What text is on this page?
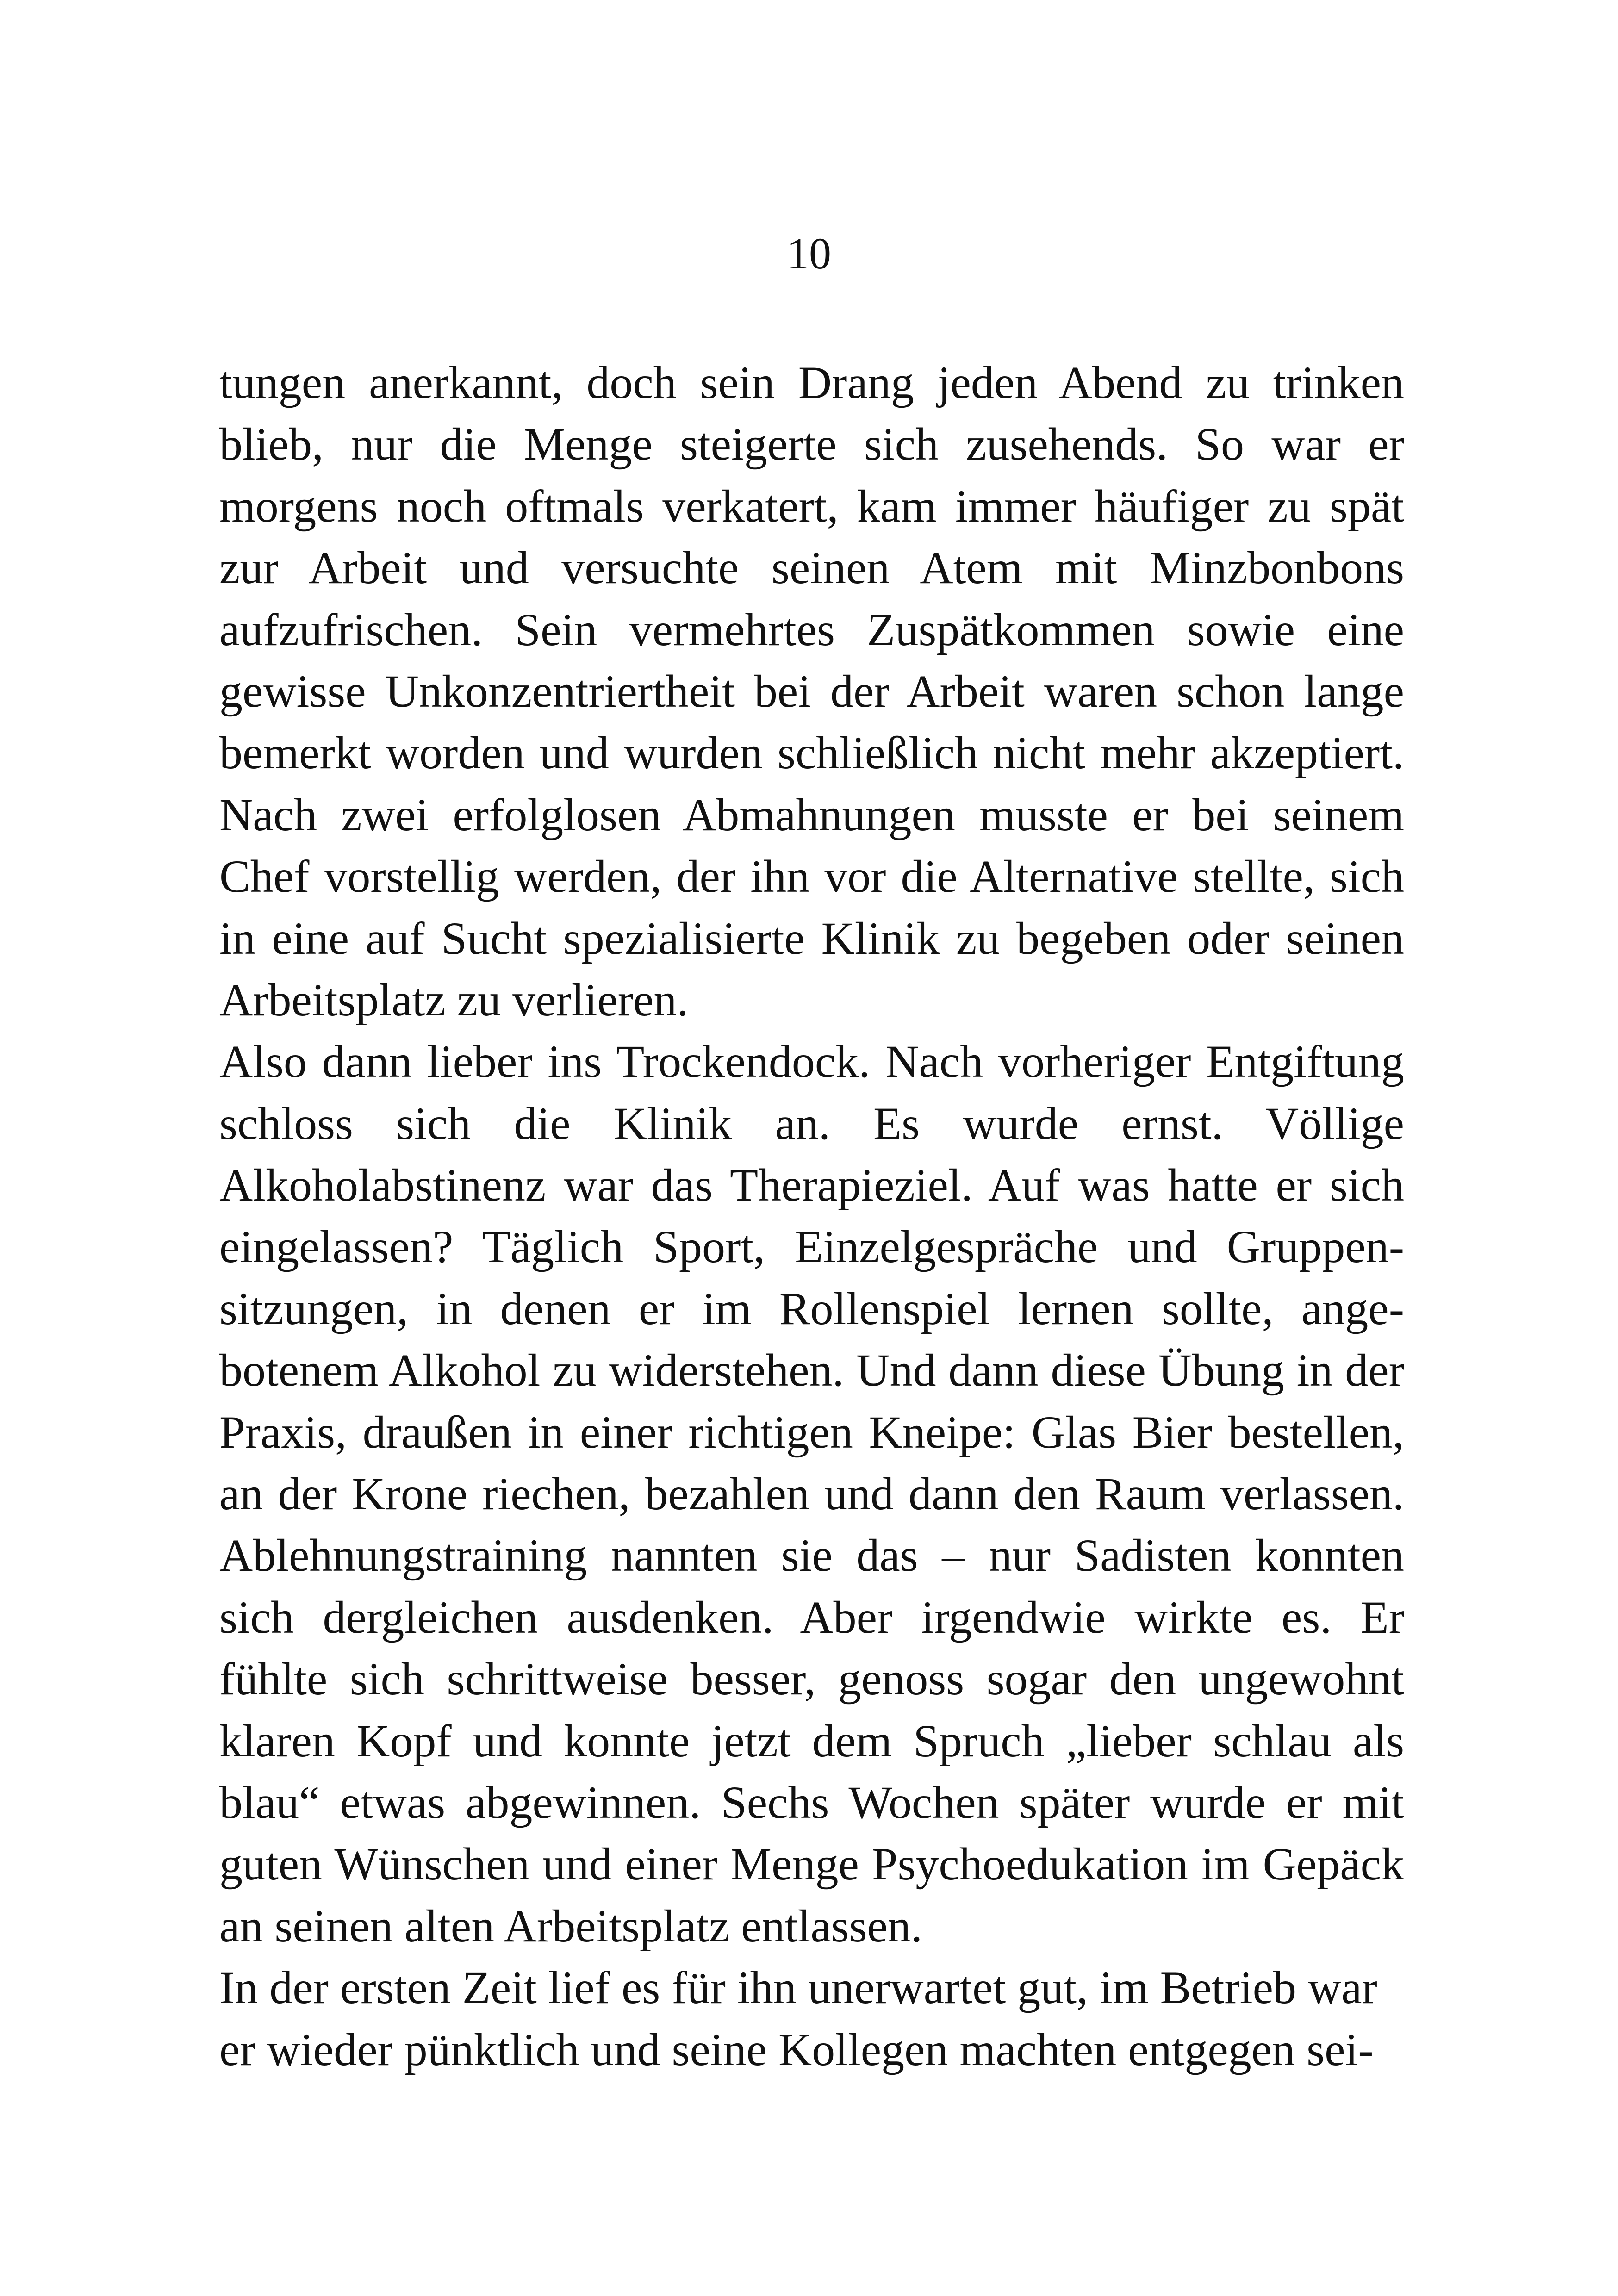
10
tungen anerkannt, doch sein Drang jeden Abend zu trinken
blieb, nur die Menge steigerte sich zusehends. So war er
morgens noch oftmals verkatert, kam immer häufiger zu spät
zur Arbeit und versuchte seinen Atem mit Minzbonbons
aufzufrischen. Sein vermehrtes Zuspätkommen sowie eine
gewisse Unkonzentriertheit bei der Arbeit waren schon lange
bemerkt worden und wurden schließlich nicht mehr akzeptiert.
Nach zwei erfolglosen Abmahnungen musste er bei seinem
Chef vorstellig werden, der ihn vor die Alternative stellte, sich
in eine auf Sucht spezialisierte Klinik zu begeben oder seinen
Arbeitsplatz zu verlieren.
Also dann lieber ins Trockendock. Nach vorheriger Entgiftung
schloss sich die Klinik an. Es wurde ernst. Völlige
Alkoholabstinenz war das Therapieziel. Auf was hatte er sich
eingelassen? Täglich Sport, Einzelgespräche und Gruppen-
sitzungen, in denen er im Rollenspiel lernen sollte, ange-
botenem Alkohol zu widerstehen. Und dann diese Übung in der
Praxis, draußen in einer richtigen Kneipe: Glas Bier bestellen,
an der Krone riechen, bezahlen und dann den Raum verlassen.
Ablehnungstraining nannten sie das – nur Sadisten konnten
sich dergleichen ausdenken. Aber irgendwie wirkte es. Er
fühlte sich schrittweise besser, genoss sogar den ungewohnt
klaren Kopf und konnte jetzt dem Spruch „lieber schlau als
blau“ etwas abgewinnen. Sechs Wochen später wurde er mit
guten Wünschen und einer Menge Psychoedukation im Gepäck
an seinen alten Arbeitsplatz entlassen.
In der ersten Zeit lief es für ihn unerwartet gut, im Betrieb war
er wieder pünktlich und seine Kollegen machten entgegen sei-
